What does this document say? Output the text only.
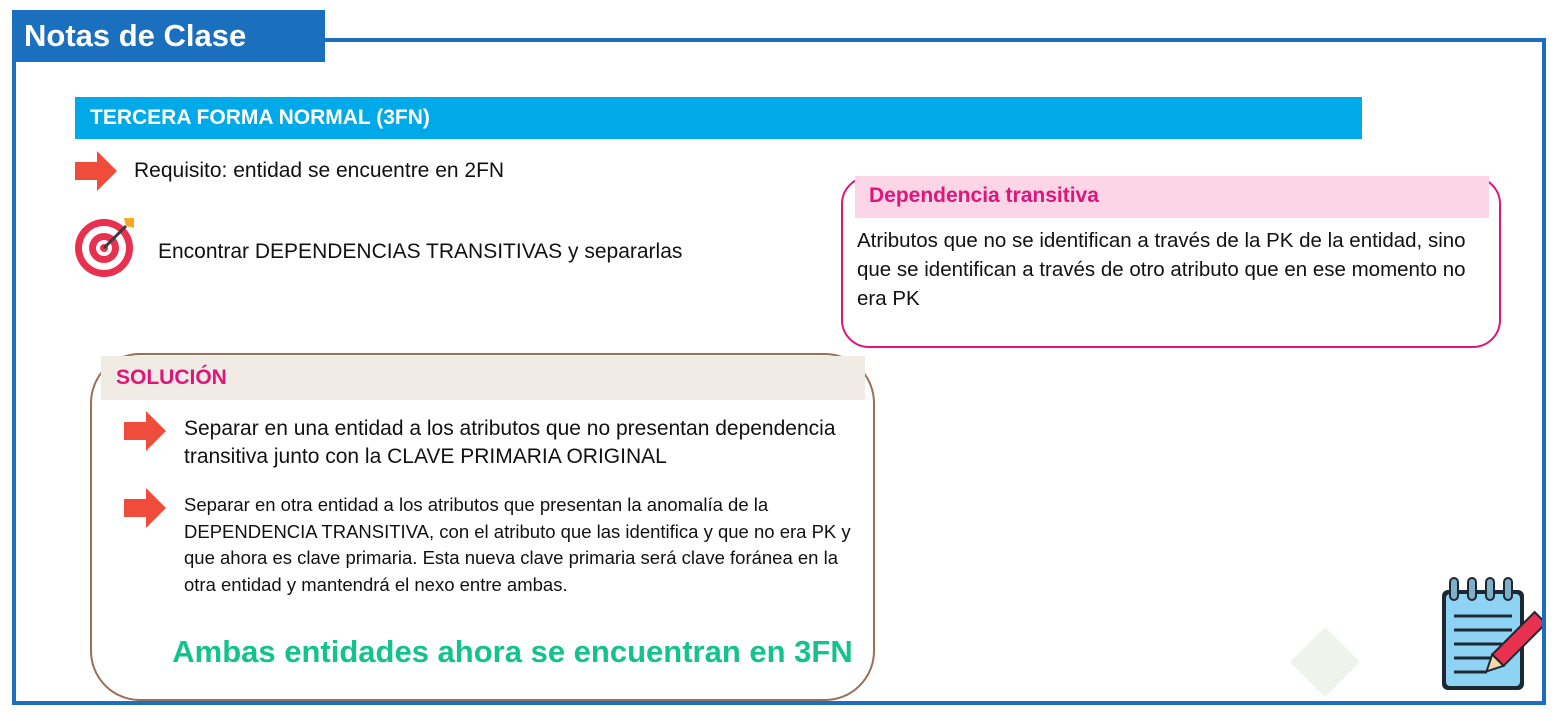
Notas de Clase
TERCERA FORMA NORMAL (3FN)
Requisito: entidad se encuentre en 2FN
Encontrar DEPENDENCIAS TRANSITIVAS y separarlas
Dependencia transitiva
Atributos que no se identifican a través de la PK de la entidad, sino que se identifican a través de otro atributo que en ese momento no era PK
SOLUCIÓN
Separar en una entidad a los atributos que no presentan dependencia transitiva junto con la CLAVE PRIMARIA ORIGINAL
Separar en otra entidad a los atributos que presentan la anomalía de la DEPENDENCIA TRANSITIVA, con el atributo que las identifica y que no era PK y que ahora es clave primaria. Esta nueva clave primaria será clave foránea en la otra entidad y mantendrá el nexo entre ambas.
Ambas entidades ahora se encuentran en 3FN
